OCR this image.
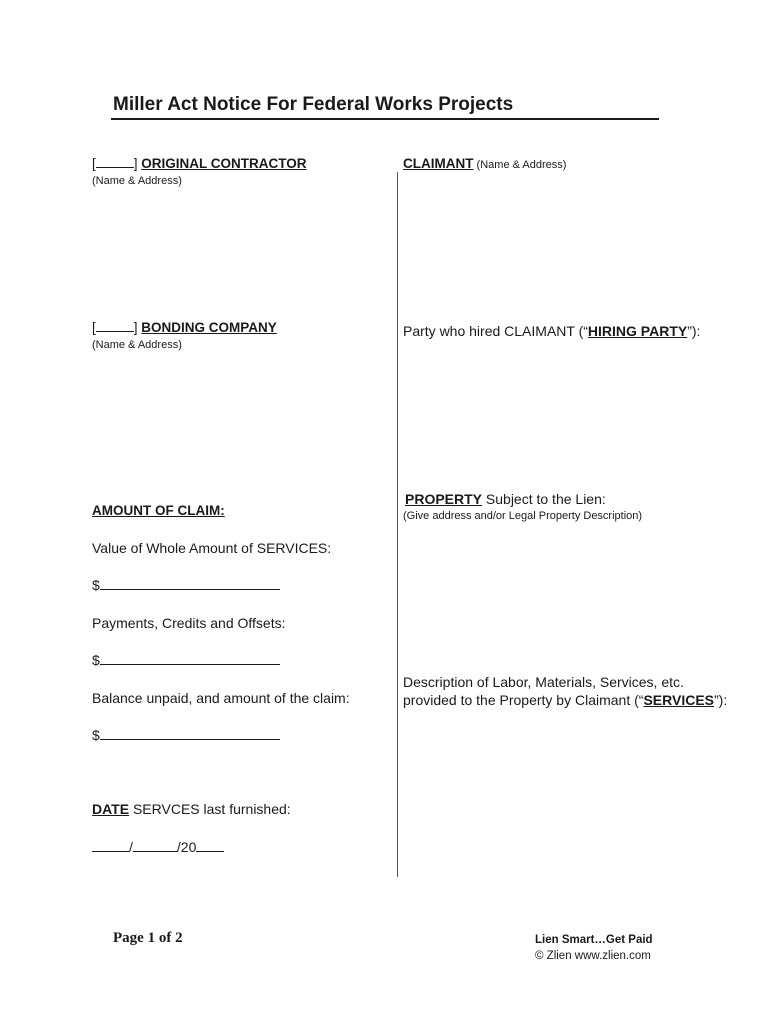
Miller Act Notice For Federal Works Projects
[	] ORIGINAL CONTRACTOR
(Name & Address)
[	] BONDING COMPANY
(Name & Address)
AMOUNT OF CLAIM:
Value of Whole Amount of SERVICES:
$
Payments, Credits and Offsets:
$
Balance unpaid, and amount of the claim:
$
DATE SERVCES last furnished:
/	/20
CLAIMANT (Name & Address)
Party who hired CLAIMANT (“HIRING PARTY”):
PROPERTY Subject to the Lien:
(Give address and/or Legal Property Description)
Description of Labor, Materials, Services, etc.
provided to the Property by Claimant (“SERVICES”):
Page 1 of 2	Lien Smart…Get Paid
© Zlien www.zlien.com
